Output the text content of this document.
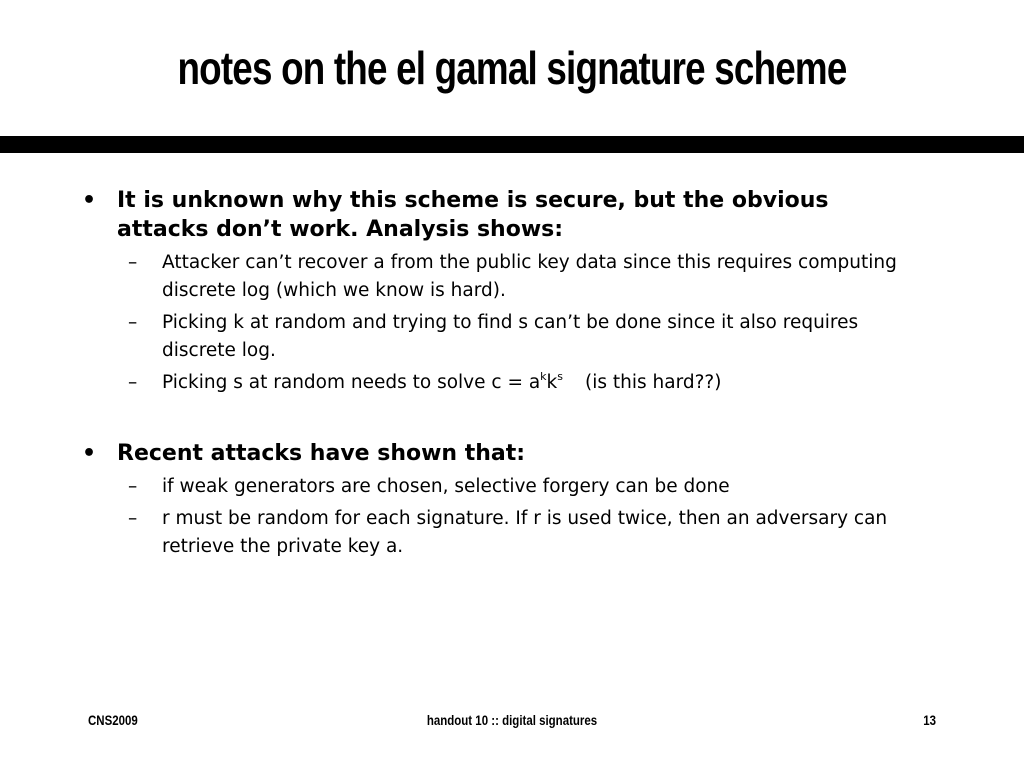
notes on the el gamal signature scheme
• It is unknown why this scheme is secure, but the obvious attacks don’t work. Analysis shows:
– Attacker can’t recover a from the public key data since this requires computing discrete log (which we know is hard).
– Picking k at random and trying to find s can’t be done since it also requires discrete log.
– Picking s at random needs to solve $c = a^kk^s$ (is this hard??)
• Recent attacks have shown that:
– if weak generators are chosen, selective forgery can be done
– r must be random for each signature. If r is used twice, then an adversary can retrieve the private key a.
CNS2009	handout 10 :: digital signatures	13
